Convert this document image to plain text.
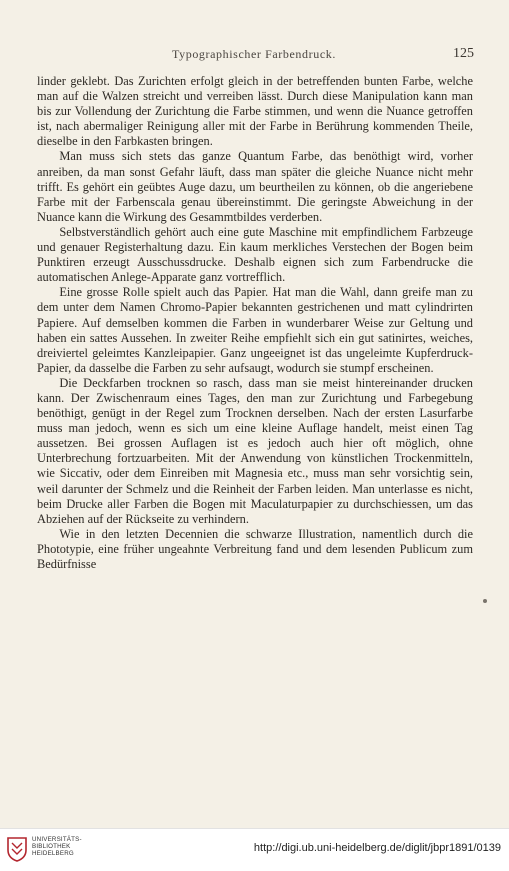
Typographischer Farbendruck.	125

linder geklebt. Das Zurichten erfolgt gleich in der betreffenden bunten Farbe, welche man auf die Walzen streicht und verreiben lässt. Durch diese Manipulation kann man bis zur Vollendung der Zurichtung die Farbe stimmen, und wenn die Nuance getroffen ist, nach abermaliger Reinigung aller mit der Farbe in Berührung kommenden Theile, dieselbe in den Farbkasten bringen.

Man muss sich stets das ganze Quantum Farbe, das benöthigt wird, vorher anreiben, da man sonst Gefahr läuft, dass man später die gleiche Nuance nicht mehr trifft. Es gehört ein geübtes Auge dazu, um beurtheilen zu können, ob die angeriebene Farbe mit der Farbenscala genau übereinstimmt. Die geringste Abweichung in der Nuance kann die Wirkung des Gesammtbildes verderben.

Selbstverständlich gehört auch eine gute Maschine mit empfindlichem Farbzeuge und genauer Registerhaltung dazu. Ein kaum merkliches Verstechen der Bogen beim Punktiren erzeugt Ausschussdrucke. Deshalb eignen sich zum Farbendrucke die automatischen Anlege-Apparate ganz vortrefflich.

Eine grosse Rolle spielt auch das Papier. Hat man die Wahl, dann greife man zu dem unter dem Namen Chromo-Papier bekannten gestrichenen und matt cylindrirten Papiere. Auf demselben kommen die Farben in wunderbarer Weise zur Geltung und haben ein sattes Aussehen. In zweiter Reihe empfiehlt sich ein gut satinirtes, weiches, dreiviertel geleimtes Kanzleipapier. Ganz ungeeignet ist das ungeleimte Kupferdruck-Papier, da dasselbe die Farben zu sehr aufsaugt, wodurch sie stumpf erscheinen.

Die Deckfarben trocknen so rasch, dass man sie meist hintereinander drucken kann. Der Zwischenraum eines Tages, den man zur Zurichtung und Farbegebung benöthigt, genügt in der Regel zum Trocknen derselben. Nach der ersten Lasurfarbe muss man jedoch, wenn es sich um eine kleine Auflage handelt, meist einen Tag aussetzen. Bei grossen Auflagen ist es jedoch auch hier oft möglich, ohne Unterbrechung fortzuarbeiten. Mit der Anwendung von künstlichen Trockenmitteln, wie Siccativ, oder dem Einreiben mit Magnesia etc., muss man sehr vorsichtig sein, weil darunter der Schmelz und die Reinheit der Farben leiden. Man unterlasse es nicht, beim Drucke aller Farben die Bogen mit Maculaturpapier zu durchschiessen, um das Abziehen auf der Rückseite zu verhindern.

Wie in den letzten Decennien die schwarze Illustration, namentlich durch die Phototypie, eine früher ungeahnte Verbreitung fand und dem lesenden Publicum zum Bedürfnisse

UNIVERSITÄTS-
BIBLIOTHEK
HEIDELBERG	http://digi.ub.uni-heidelberg.de/diglit/jbpr1891/0139
